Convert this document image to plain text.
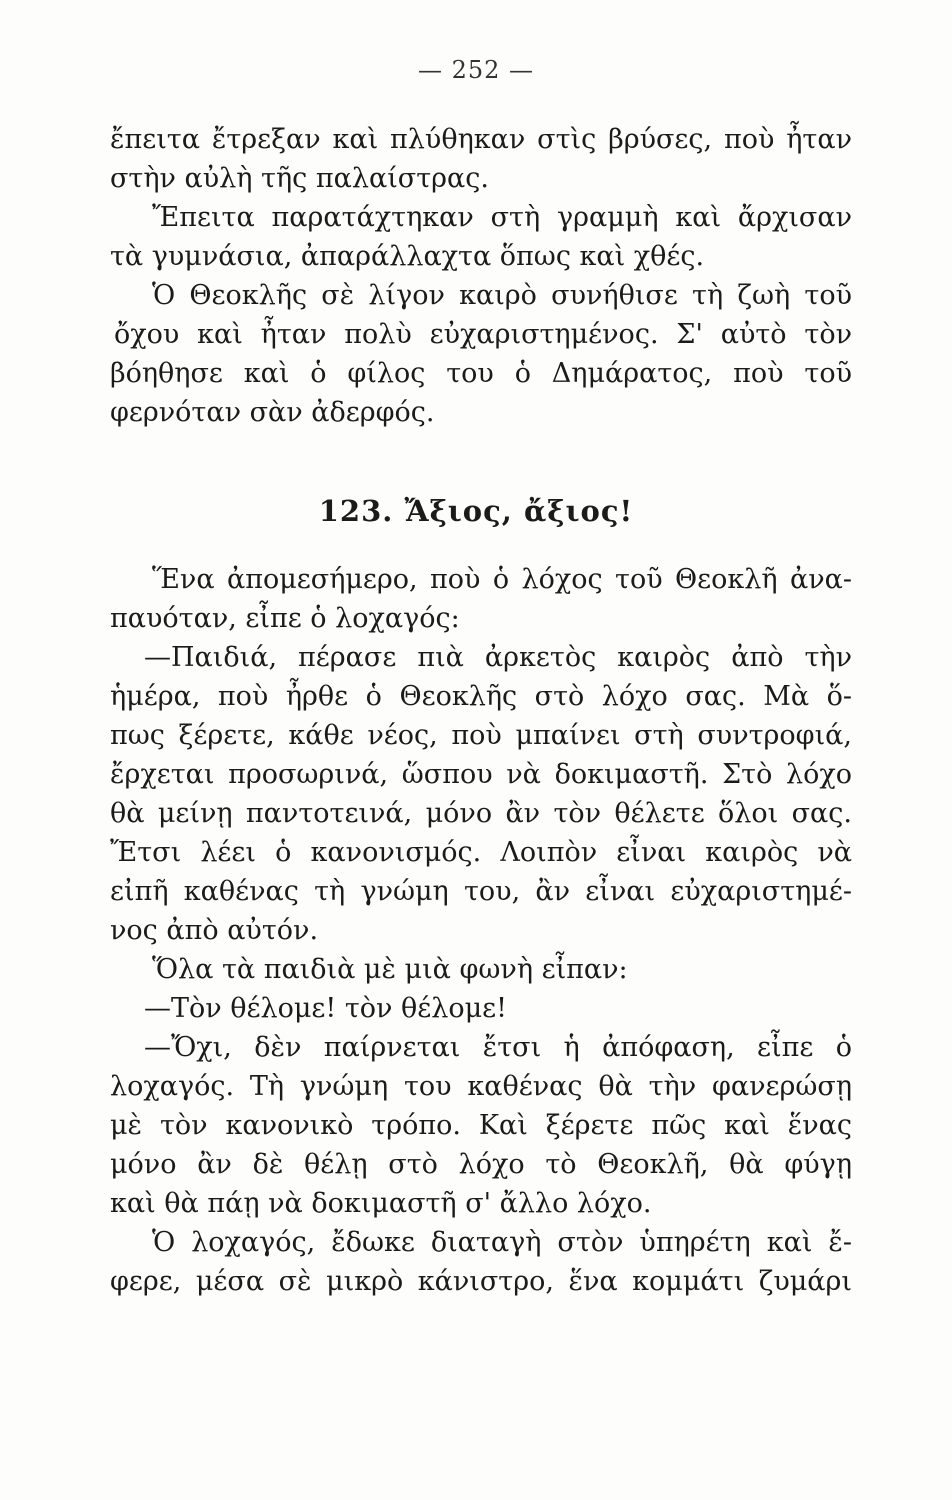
— 252 —
ἔπειτα ἔτρεξαν καὶ πλύθηκαν στὶς βρύσες, ποὺ ἦταν
στὴν αὐλὴ τῆς παλαίστρας.
Ἔπειτα παρατάχτηκαν στὴ γραμμὴ καὶ ἄρχισαν
τὰ γυμνάσια, ἀπαράλλαχτα ὅπως καὶ χθές.
Ὁ Θεοκλῆς σὲ λίγον καιρὸ συνήθισε τὴ ζωὴ τοῦ
ὄχου καὶ ἦταν πολὺ εὐχαριστημένος. Σ' αὐτὸ τὸν
βόηθησε καὶ ὁ φίλος του ὁ Δημάρατος, ποὺ τοῦ
φερνόταν σὰν ἀδερφός.
123. Ἄξιος, ἄξιος!
Ἕνα ἀπομεσήμερο, ποὺ ὁ λόχος τοῦ Θεοκλῆ ἀνα-
παυόταν, εἶπε ὁ λοχαγός:
—Παιδιά, πέρασε πιὰ ἀρκετὸς καιρὸς ἀπὸ τὴν
ἡμέρα, ποὺ ἦρθε ὁ Θεοκλῆς στὸ λόχο σας. Μὰ ὅ-
πως ξέρετε, κάθε νέος, ποὺ μπαίνει στὴ συντροφιά,
ἔρχεται προσωρινά, ὥσπου νὰ δοκιμαστῆ. Στὸ λόχο
θὰ μείνῃ παντοτεινά, μόνο ἂν τὸν θέλετε ὅλοι σας.
Ἔτσι λέει ὁ κανονισμός. Λοιπὸν εἶναι καιρὸς νὰ
εἰπῆ καθένας τὴ γνώμη του, ἂν εἶναι εὐχαριστημέ-
νος ἀπὸ αὐτόν.
Ὅλα τὰ παιδιὰ μὲ μιὰ φωνὴ εἶπαν:
—Τὸν θέλομε! τὸν θέλομε!
—Ὄχι, δὲν παίρνεται ἔτσι ἡ ἀπόφαση, εἶπε ὁ
λοχαγός. Τὴ γνώμη του καθένας θὰ τὴν φανερώσῃ
μὲ τὸν κανονικὸ τρόπο. Καὶ ξέρετε πῶς καὶ ἕνας
μόνο ἂν δὲ θέλῃ στὸ λόχο τὸ Θεοκλῆ, θὰ φύγῃ
καὶ θὰ πάῃ νὰ δοκιμαστῆ σ' ἄλλο λόχο.
Ὁ λοχαγός, ἔδωκε διαταγὴ στὸν ὑπηρέτη καὶ ἔ-
φερε, μέσα σὲ μικρὸ κάνιστρο, ἕνα κομμάτι ζυμάρι
